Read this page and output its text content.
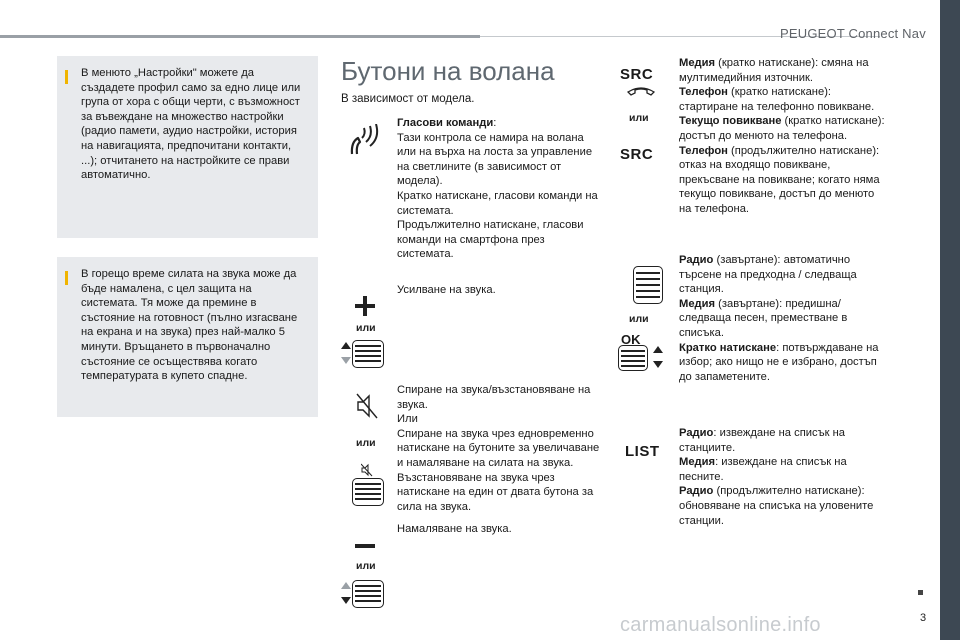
PEUGEOT Connect Nav
В менюто „Настройки" можете да създадете профил само за едно лице или група от хора с общи черти, с възможност за въвеждане на множество настройки (радио памети, аудио настройки, история на навигацията, предпочитани контакти, ...); отчитането на настройките се прави автоматично.
В горещо време силата на звука може да бъде намалена, с цел защита на системата. Тя може да премине в състояние на готовност (пълно изгасване на екрана и на звука) през най-малко 5 минути. Връщането в първоначално състояние се осъществява когато температурата в купето спадне.
Бутони на волана
В зависимост от модела.
Гласови команди:
Тази контрола се намира на волана или на върха на лоста за управление на светлините (в зависимост от модела).
Кратко натискане, гласови команди на системата.
Продължително натискане, гласови команди на смартфона през системата.
или
Усилване на звука.
или
Спиране на звука/възстановяване на звука.
Или
Спиране на звука чрез едновременно натискане на бутоните за увеличаване и намаляване на силата на звука.
Възстановяване на звука чрез натискане на един от двата бутона за сила на звука.
или
Намаляване на звука.
SRC
или
SRC
Медия (кратко натискане): смяна на мултимедийния източник.
Телефон (кратко натискане): стартиране на телефонно повикване.
Текущо повикване (кратко натискане): достъп до менюто на телефона.
Телефон (продължително натискане): отказ на входящо повикване, прекъсване на повикване; когато няма текущо повикване, достъп до менюто на телефона.
или
OK
Радио (завъртане): автоматично търсене на предходна / следваща станция.
Медия (завъртане): предишна/ следваща песен, преместване в списъка.
Кратко натискане: потвърждаване на избор; ако нищо не е избрано, достъп до запаметените.
LIST
Радио: извеждане на списък на станциите.
Медия: извеждане на списък на песните.
Радио (продължително натискане): обновяване на списъка на уловените станции.
3
carmanualsonline.info
